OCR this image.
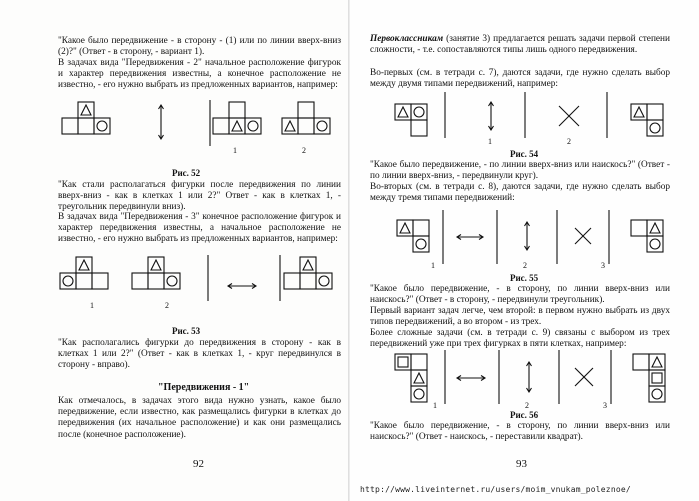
"Какое было передвижение - в сторону - (1) или по линии вверх-вниз (2)?" (Ответ - в сторону, - вариант 1).

В задачах вида "Передвижения - 2" начальное расположение фигурок и характер передвижения известны, а конечное расположение не известно, - его нужно выбрать из предложенных вариантов, например:

1	2
Рис. 52

"Как стали располагаться фигурки после передвижения по линии вверх-вниз - как в клетках 1 или 2?" Ответ - как в клетках 1, - треугольник передвинули вниз).

В задачах вида "Передвижения - 3" конечное расположение фигурок и характер передвижения известны, а начальное расположение не известно, - его нужно выбрать из предложенных вариантов, например:

1	2
Рис. 53

"Как располагались фигурки до передвижения в сторону - как в клетках 1 или 2?" (Ответ - как в клетках 1, - круг передвинулся в сторону - вправо).

"Передвижения - 1"

Как отмечалось, в задачах этого вида нужно узнать, какое было передвижение, если известно, как размещались фигурки в клетках до передвижения (их начальное расположение) и как они размещались после (конечное расположение).

92

Первоклассникам (занятие 3) предлагается решать задачи первой степени сложности, - т.е. сопоставляются типы лишь одного передвижения.

Во-первых (см. в тетради с. 7), даются задачи, где нужно сделать выбор между двумя типами передвижений, например:

1	2
Рис. 54

"Какое было передвижение, - по линии вверх-вниз или наискось?" (Ответ - по линии вверх-вниз, - передвинули круг).

Во-вторых (см. в тетради с. 8), даются задачи, где нужно сделать выбор между тремя типами передвижений:

1	2	3
Рис. 55

"Какое было передвижение, - в сторону, по линии вверх-вниз или наискось?" (Ответ - в сторону, - передвинули треугольник).

Первый вариант задач легче, чем второй: в первом нужно выбрать из двух типов передвижений, а во втором - из трех.

Более сложные задачи (см. в тетради с. 9) связаны с выбором из трех передвижений уже при трех фигурках в пяти клетках, например:

1	2	3
Рис. 56

"Какое было передвижение, - в сторону, по линии вверх-вниз или наискось?" (Ответ - наискось, - переставили квадрат).

93
http://www.liveinternet.ru/users/moim_vnukam_poleznoe/
